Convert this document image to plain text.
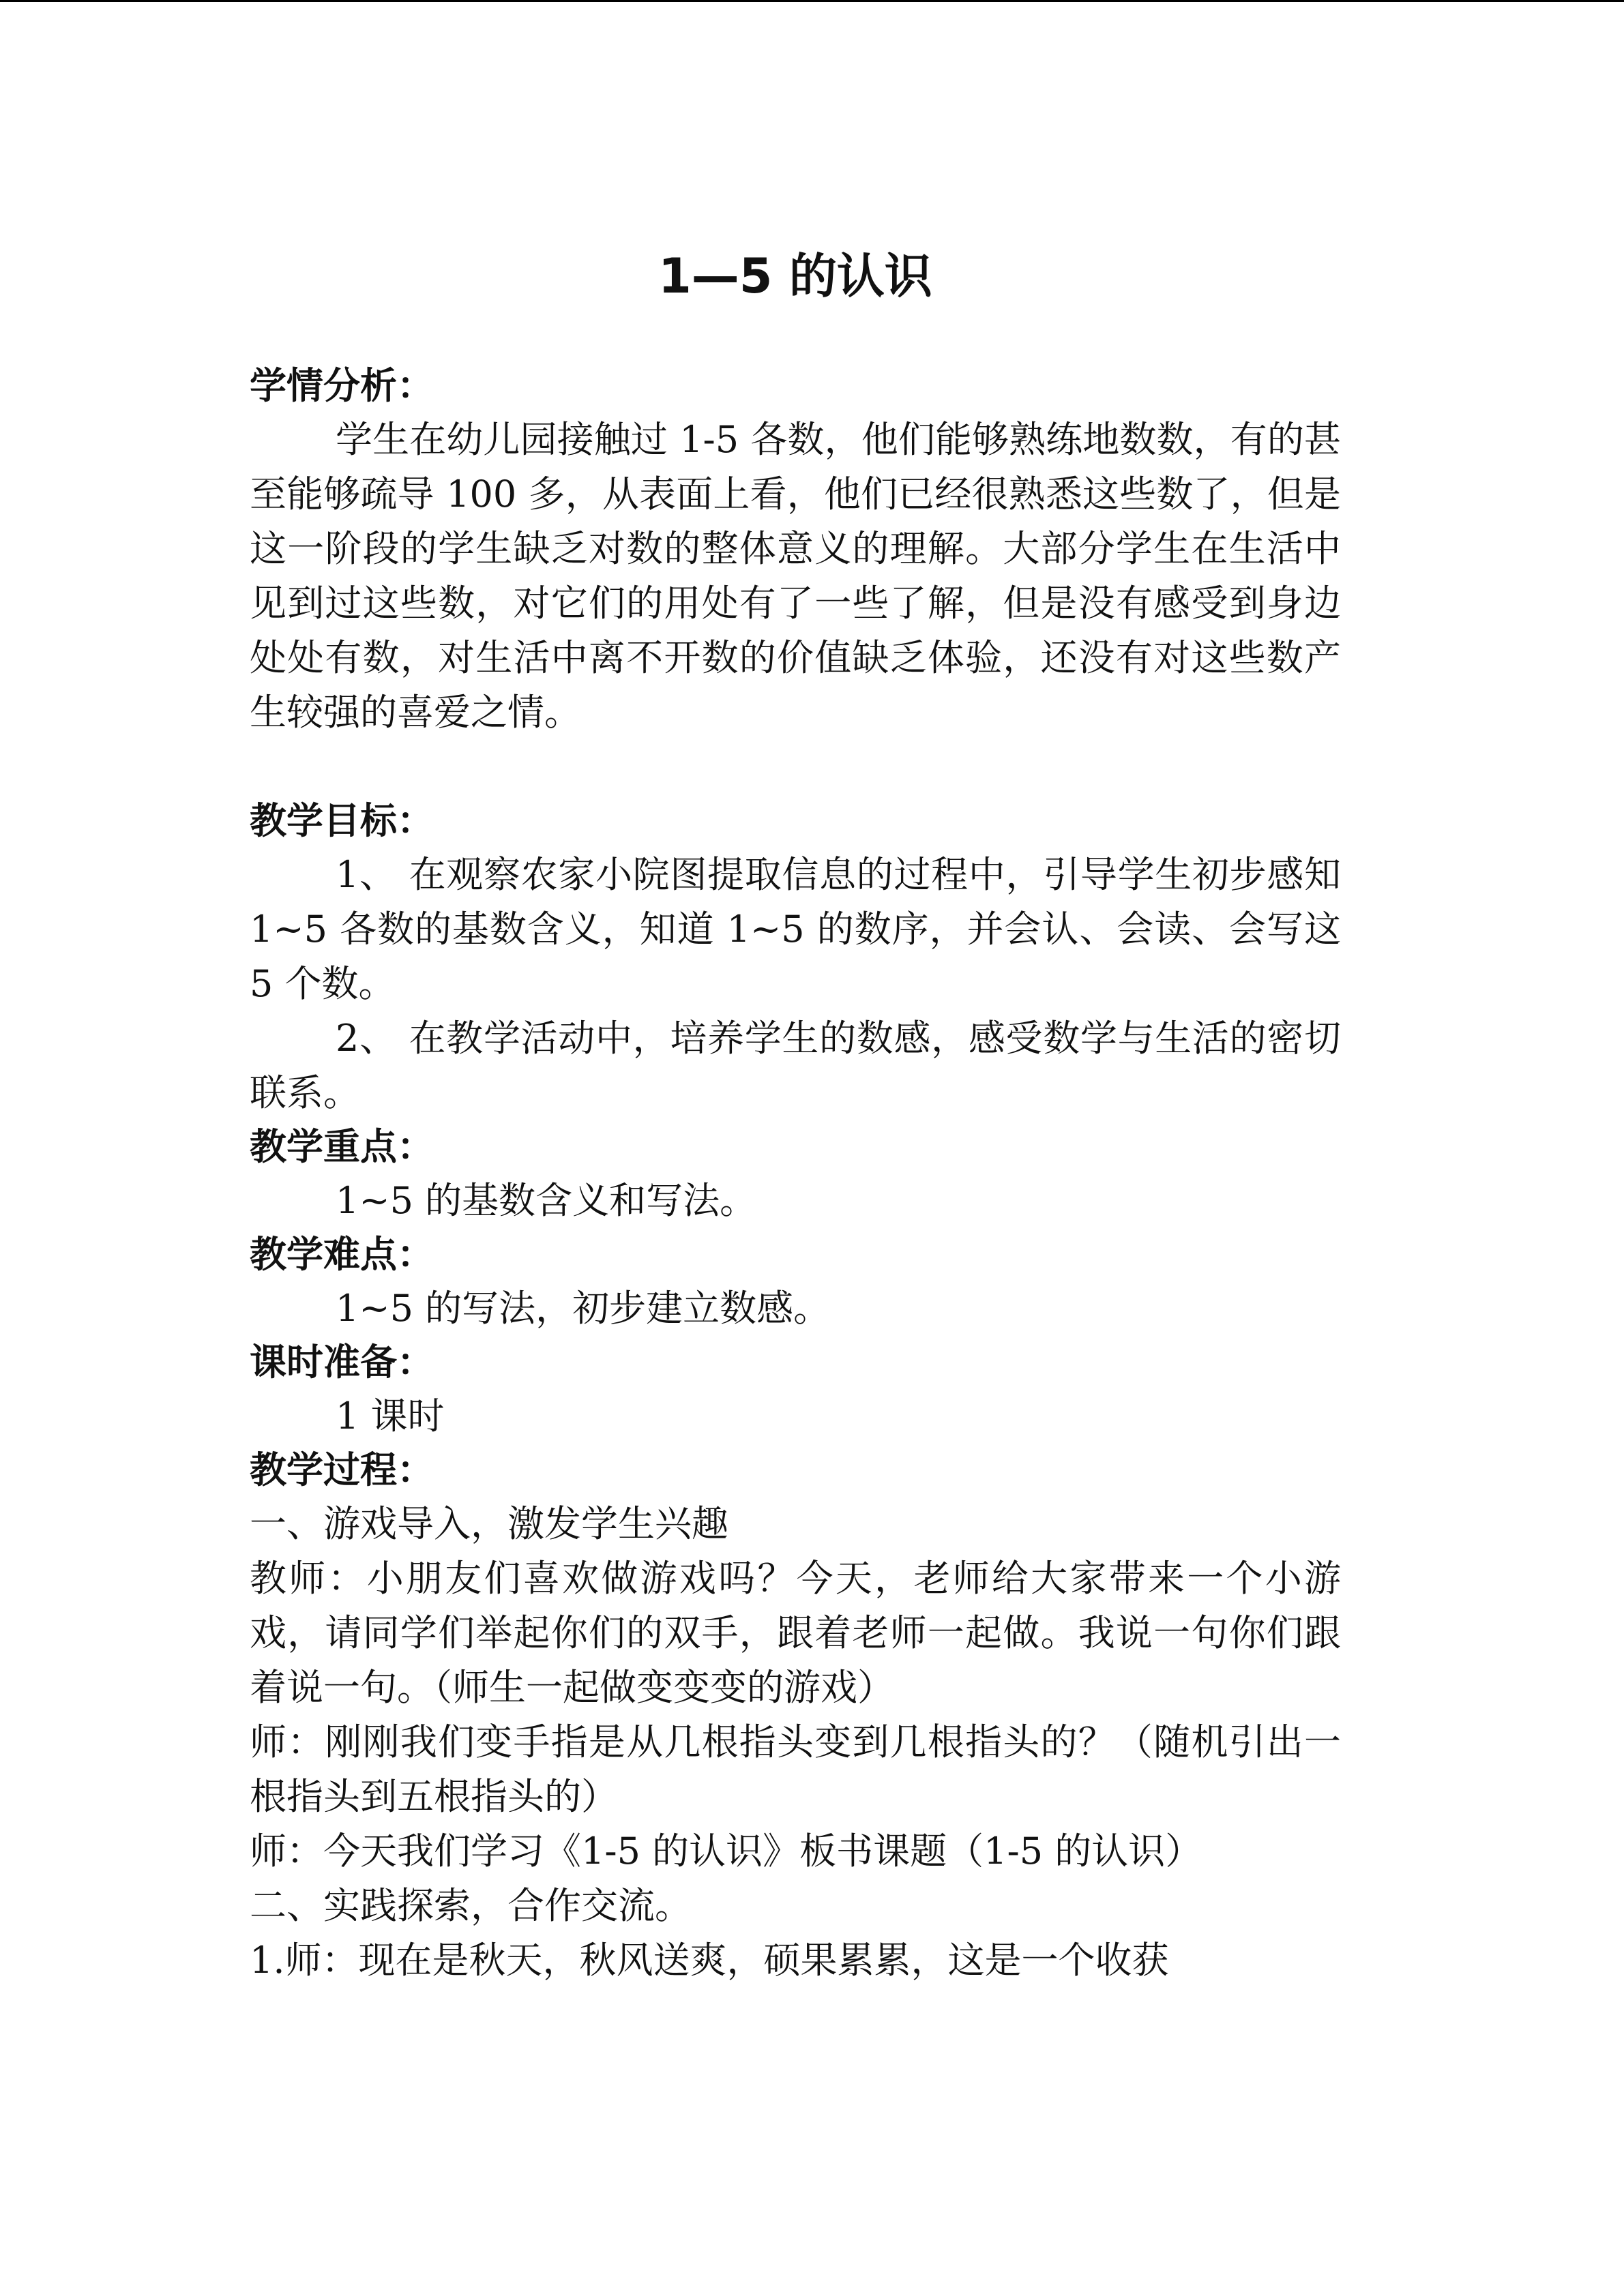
1—5 的认识

学情分析：

学生在幼儿园接触过 1-5 各数，他们能够熟练地数数，有的甚至能够疏导 100 多，从表面上看，他们已经很熟悉这些数了，但是这一阶段的学生缺乏对数的整体意义的理解。大部分学生在生活中见到过这些数，对它们的用处有了一些了解，但是没有感受到身边处处有数，对生活中离不开数的价值缺乏体验，还没有对这些数产生较强的喜爱之情。

教学目标：

1、 在观察农家小院图提取信息的过程中，引导学生初步感知 1~5 各数的基数含义，知道 1~5 的数序，并会认、会读、会写这 5 个数。

2、 在教学活动中，培养学生的数感，感受数学与生活的密切联系。

教学重点：

1~5 的基数含义和写法。

教学难点：

1~5 的写法，初步建立数感。

课时准备：

1 课时

教学过程：

一、游戏导入，激发学生兴趣

教师：小朋友们喜欢做游戏吗？今天，老师给大家带来一个小游戏，请同学们举起你们的双手，跟着老师一起做。我说一句你们跟着说一句。（师生一起做变变变的游戏）

师：刚刚我们变手指是从几根指头变到几根指头的？（随机引出一根指头到五根指头的）

师：今天我们学习《1-5 的认识》板书课题（1-5 的认识）

二、实践探索，合作交流。

1.师：现在是秋天，秋风送爽，硕果累累，这是一个收获
